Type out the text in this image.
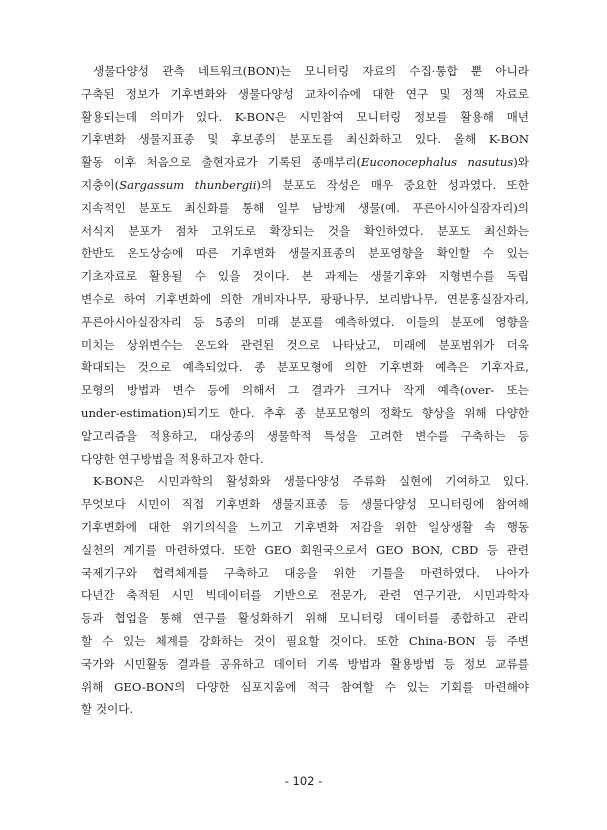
생물다양성 관측 네트워크(BON)는 모니터링 자료의 수집·통합 뿐 아니라
구축된 정보가 기후변화와 생물다양성 교차이슈에 대한 연구 및 정책 자료로
활용되는데 의미가 있다. K-BON은 시민참여 모니터링 정보를 활용해 매년
기후변화 생물지표종 및 후보종의 분포도를 최신화하고 있다. 올해 K-BON
활동 이후 처음으로 출현자료가 기록된 종매부리(Euconocephalus nasutus)와
지충이(Sargassum thunbergii)의 분포도 작성은 매우 중요한 성과였다. 또한
지속적인 분포도 최신화를 통해 일부 남방계 생물(예. 푸른아시아실잠자리)의
서식지 분포가 점차 고위도로 확장되는 것을 확인하였다. 분포도 최신화는
한반도 온도상승에 따른 기후변화 생물지표종의 분포영향을 확인할 수 있는
기초자료로 활용될 수 있을 것이다. 본 과제는 생물기후와 지형변수를 독립
변수로 하여 기후변화에 의한 개비자나무, 팡팡나무, 보리밥나무, 연분홍실잠자리,
푸른아시아실잠자리 등 5종의 미래 분포를 예측하였다. 이들의 분포에 영향을
미치는 상위변수는 온도와 관련된 것으로 나타났고, 미래에 분포범위가 더욱
확대되는 것으로 예측되었다. 종 분포모형에 의한 기후변화 예측은 기후자료,
모형의 방법과 변수 등에 의해서 그 결과가 크거나 작게 예측(over- 또는
under-estimation)되기도 한다. 추후 종 분포모형의 정확도 향상을 위해 다양한
알고리즘을 적용하고, 대상종의 생물학적 특성을 고려한 변수를 구축하는 등
다양한 연구방법을 적용하고자 한다.

K-BON은 시민과학의 활성화와 생물다양성 주류화 실현에 기여하고 있다.
무엇보다 시민이 직접 기후변화 생물지표종 등 생물다양성 모니터링에 참여해
기후변화에 대한 위기의식을 느끼고 기후변화 저감을 위한 일상생활 속 행동
실천의 계기를 마련하였다. 또한 GEO 회원국으로서 GEO BON, CBD 등 관련
국제기구와 협력체계를 구축하고 대응을 위한 기틀을 마련하였다. 나아가
다년간 축적된 시민 빅데이터를 기반으로 전문가, 관련 연구기관, 시민과학자
등과 협업을 통해 연구를 활성화하기 위해 모니터링 데이터를 종합하고 관리
할 수 있는 체계를 강화하는 것이 필요할 것이다. 또한 China-BON 등 주변
국가와 시민활동 결과를 공유하고 데이터 기록 방법과 활용방법 등 정보 교류를
위해 GEO-BON의 다양한 심포지움에 적극 참여할 수 있는 기회를 마련해야
할 것이다.

- 102 -
